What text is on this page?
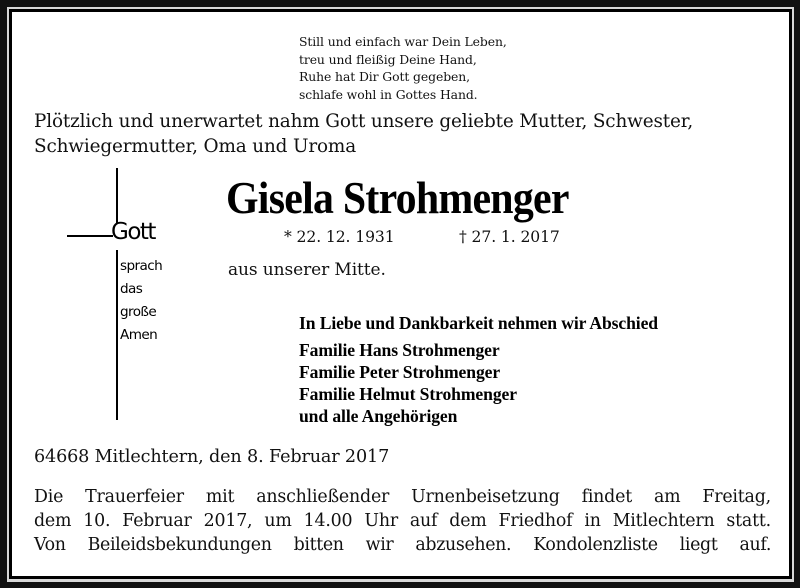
Still und einfach war Dein Leben,
treu und fleißig Deine Hand,
Ruhe hat Dir Gott gegeben,
schlafe wohl in Gottes Hand.
Plötzlich und unerwartet nahm Gott unsere geliebte Mutter, Schwester,
Schwiegermutter, Oma und Uroma
Gott
sprach
das
große
Amen
Gisela Strohmenger
* 22. 12. 1931	† 27. 1. 2017
aus unserer Mitte.
In Liebe und Dankbarkeit nehmen wir Abschied
Familie Hans Strohmenger
Familie Peter Strohmenger
Familie Helmut Strohmenger
und alle Angehörigen
64668 Mitlechtern, den 8. Februar 2017
Die Trauerfeier mit anschließender Urnenbeisetzung findet am Freitag,
dem 10. Februar 2017, um 14.00 Uhr auf dem Friedhof in Mitlechtern statt.
Von Beileidsbekundungen bitten wir abzusehen. Kondolenzliste liegt auf.
